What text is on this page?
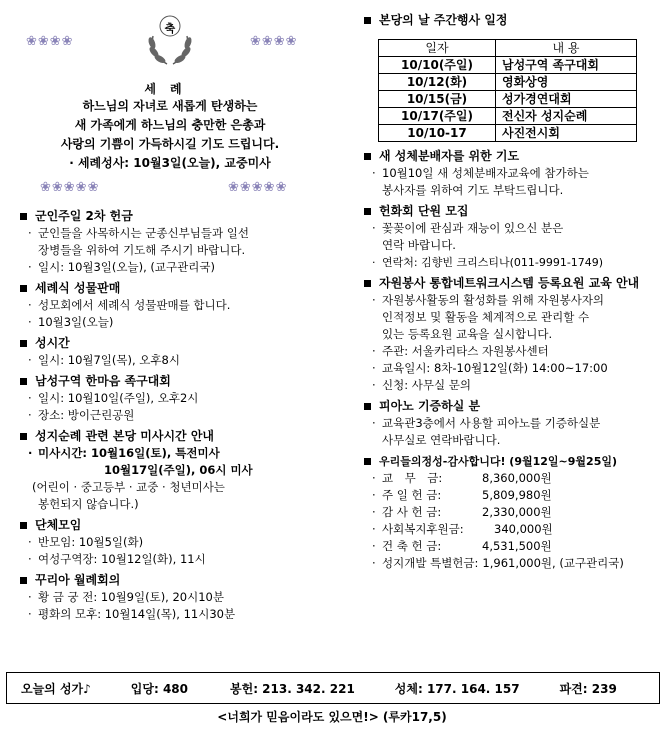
축
❀❀❀❀	❀❀❀❀
세례
하느님의 자녀로 새롭게 탄생하는
새 가족에게 하느님의 충만한 은총과
사랑의 기쁨이 가득하시길 기도 드립니다.
· 세례성사: 10월3일(오늘), 교중미사
❀❀❀❀❀	❀❀❀❀❀
군인주일 2차 헌금
· 군인들을 사목하시는 군종신부님들과 일선
장병들을 위하여 기도해 주시기 바랍니다.
· 일시: 10월3일(오늘), (교구관리국)
세례식 성물판매
· 성모회에서 세례식 성물판매를 합니다.
· 10월3일(오늘)
성시간
· 일시: 10월7일(목), 오후8시
남성구역 한마음 족구대회
· 일시: 10월10일(주일), 오후2시
· 장소: 방이근린공원
성지순례 관련 본당 미사시간 안내
· 미사시간: 10월16일(토), 특전미사
10월17일(주일), 06시 미사
(어린이 · 중고등부 · 교중 · 청년미사는
봉헌되지 않습니다.)
단체모임
· 반모임: 10월5일(화)
· 여성구역장: 10월12일(화), 11시
꾸리아 월례회의
· 황 금 궁 전: 10월9일(토), 20시10분
· 평화의 모후: 10월14일(목), 11시30분
본당의 날 주간행사 일정
일자	내 용
10/10(주일)	남성구역 족구대회
10/12(화)	영화상영
10/15(금)	성가경연대회
10/17(주일)	전신자 성지순례
10/10-17	사진전시회
새 성체분배자를 위한 기도
· 10월10일 새 성체분배자교육에 참가하는
봉사자를 위하여 기도 부탁드립니다.
헌화회 단원 모집
· 꽃꽂이에 관심과 재능이 있으신 분은
연락 바랍니다.
· 연락처: 김향빈 크리스티나(011-9991-1749)
자원봉사 통합네트워크시스템 등록요원 교육 안내
· 자원봉사활동의 활성화를 위해 자원봉사자의
인적정보 및 활동을 체계적으로 관리할 수
있는 등록요원 교육을 실시합니다.
· 주관: 서울카리타스 자원봉사센터
· 교육일시: 8차-10월12일(화) 14:00~17:00
· 신청: 사무실 문의
피아노 기증하실 분
· 교육관3층에서 사용할 피아노를 기증하실분
사무실로 연락바랍니다.
우리들의정성-감사합니다! (9월12일~9월25일)
· 교　무　금:	8,360,000원
· 주 일 헌 금:	5,809,980원
· 감 사 헌 금:	2,330,000원
· 사회복지후원금:	340,000원
· 건 축 헌 금:	4,531,500원
· 성지개발 특별헌금: 1,961,000원, (교구관리국)
오늘의 성가♪	입당: 480	봉헌: 213. 342. 221	성체: 177. 164. 157	파견: 239
<너희가 믿음이라도 있으면!> (루카17,5)
